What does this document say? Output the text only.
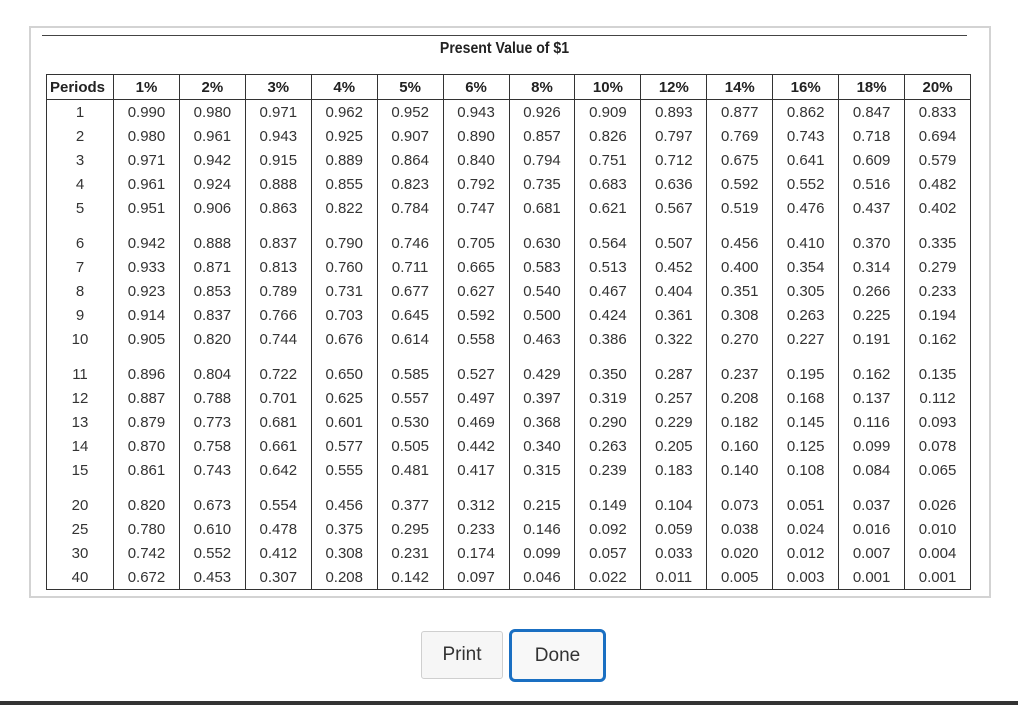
Present Value of $1
Periods	1%	2%	3%	4%	5%	6%	8%	10%	12%	14%	16%	18%	20%
1	0.990	0.980	0.971	0.962	0.952	0.943	0.926	0.909	0.893	0.877	0.862	0.847	0.833
2	0.980	0.961	0.943	0.925	0.907	0.890	0.857	0.826	0.797	0.769	0.743	0.718	0.694
3	0.971	0.942	0.915	0.889	0.864	0.840	0.794	0.751	0.712	0.675	0.641	0.609	0.579
4	0.961	0.924	0.888	0.855	0.823	0.792	0.735	0.683	0.636	0.592	0.552	0.516	0.482
5	0.951	0.906	0.863	0.822	0.784	0.747	0.681	0.621	0.567	0.519	0.476	0.437	0.402
6	0.942	0.888	0.837	0.790	0.746	0.705	0.630	0.564	0.507	0.456	0.410	0.370	0.335
7	0.933	0.871	0.813	0.760	0.711	0.665	0.583	0.513	0.452	0.400	0.354	0.314	0.279
8	0.923	0.853	0.789	0.731	0.677	0.627	0.540	0.467	0.404	0.351	0.305	0.266	0.233
9	0.914	0.837	0.766	0.703	0.645	0.592	0.500	0.424	0.361	0.308	0.263	0.225	0.194
10	0.905	0.820	0.744	0.676	0.614	0.558	0.463	0.386	0.322	0.270	0.227	0.191	0.162
11	0.896	0.804	0.722	0.650	0.585	0.527	0.429	0.350	0.287	0.237	0.195	0.162	0.135
12	0.887	0.788	0.701	0.625	0.557	0.497	0.397	0.319	0.257	0.208	0.168	0.137	0.112
13	0.879	0.773	0.681	0.601	0.530	0.469	0.368	0.290	0.229	0.182	0.145	0.116	0.093
14	0.870	0.758	0.661	0.577	0.505	0.442	0.340	0.263	0.205	0.160	0.125	0.099	0.078
15	0.861	0.743	0.642	0.555	0.481	0.417	0.315	0.239	0.183	0.140	0.108	0.084	0.065
20	0.820	0.673	0.554	0.456	0.377	0.312	0.215	0.149	0.104	0.073	0.051	0.037	0.026
25	0.780	0.610	0.478	0.375	0.295	0.233	0.146	0.092	0.059	0.038	0.024	0.016	0.010
30	0.742	0.552	0.412	0.308	0.231	0.174	0.099	0.057	0.033	0.020	0.012	0.007	0.004
40	0.672	0.453	0.307	0.208	0.142	0.097	0.046	0.022	0.011	0.005	0.003	0.001	0.001
Print	Done
